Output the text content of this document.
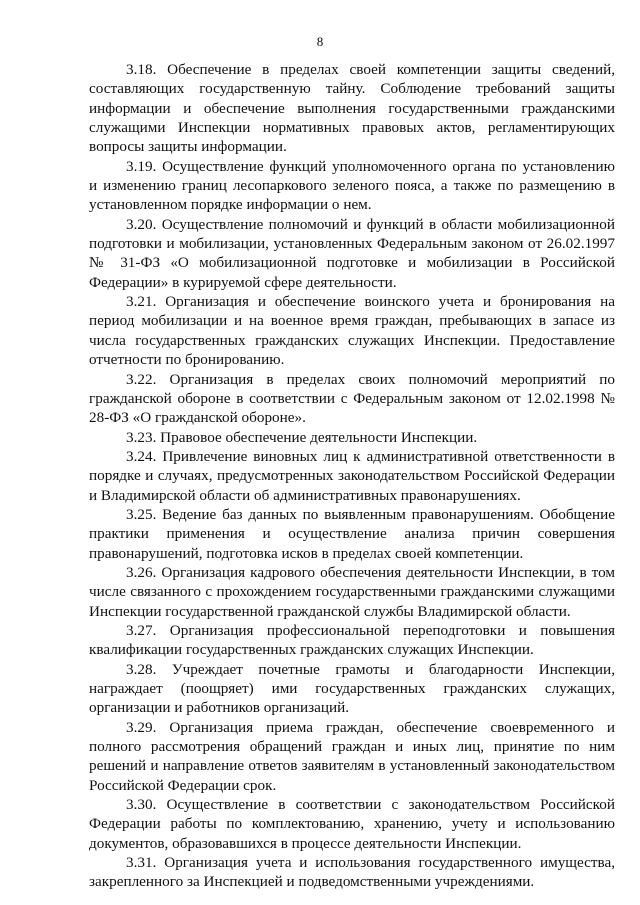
8

3.18. Обеспечение в пределах своей компетенции защиты сведений, составляющих государственную тайну. Соблюдение требований защиты информации и обеспечение выполнения государственными гражданскими служащими Инспекции нормативных правовых актов, регламентирующих вопросы защиты информации.

3.19. Осуществление функций уполномоченного органа по установлению и изменению границ лесопаркового зеленого пояса, а также по размещению в установленном порядке информации о нем.

3.20. Осуществление полномочий и функций в области мобилизационной подготовки и мобилизации, установленных Федеральным законом от 26.02.1997 № 31-ФЗ «О мобилизационной подготовке и мобилизации в Российской Федерации» в курируемой сфере деятельности.

3.21. Организация и обеспечение воинского учета и бронирования на период мобилизации и на военное время граждан, пребывающих в запасе из числа государственных гражданских служащих Инспекции. Предоставление отчетности по бронированию.

3.22. Организация в пределах своих полномочий мероприятий по гражданской обороне в соответствии с Федеральным законом от 12.02.1998 № 28-ФЗ «О гражданской обороне».

3.23. Правовое обеспечение деятельности Инспекции.

3.24. Привлечение виновных лиц к административной ответственности в порядке и случаях, предусмотренных законодательством Российской Федерации и Владимирской области об административных правонарушениях.

3.25. Ведение баз данных по выявленным правонарушениям. Обобщение практики применения и осуществление анализа причин совершения правонарушений, подготовка исков в пределах своей компетенции.

3.26. Организация кадрового обеспечения деятельности Инспекции, в том числе связанного с прохождением государственными гражданскими служащими Инспекции государственной гражданской службы Владимирской области.

3.27. Организация профессиональной переподготовки и повышения квалификации государственных гражданских служащих Инспекции.

3.28. Учреждает почетные грамоты и благодарности Инспекции, награждает (поощряет) ими государственных гражданских служащих, организации и работников организаций.

3.29. Организация приема граждан, обеспечение своевременного и полного рассмотрения обращений граждан и иных лиц, принятие по ним решений и направление ответов заявителям в установленный законодательством Российской Федерации срок.

3.30. Осуществление в соответствии с законодательством Российской Федерации работы по комплектованию, хранению, учету и использованию документов, образовавшихся в процессе деятельности Инспекции.

3.31. Организация учета и использования государственного имущества, закрепленного за Инспекцией и подведомственными учреждениями.
